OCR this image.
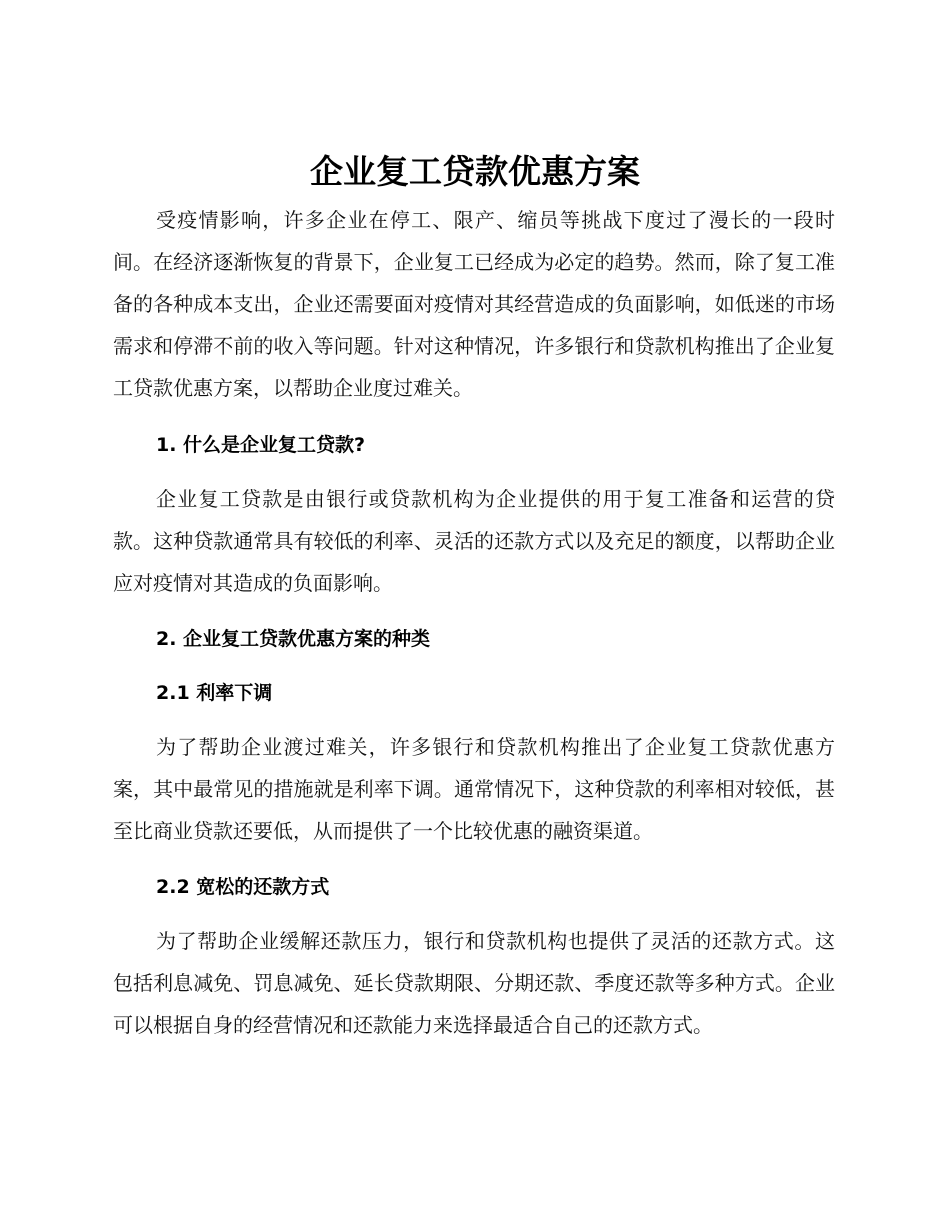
企业复工贷款优惠方案

受疫情影响，许多企业在停工、限产、缩员等挑战下度过了漫长的一段时间。在经济逐渐恢复的背景下，企业复工已经成为必定的趋势。然而，除了复工准备的各种成本支出，企业还需要面对疫情对其经营造成的负面影响，如低迷的市场需求和停滞不前的收入等问题。针对这种情况，许多银行和贷款机构推出了企业复工贷款优惠方案，以帮助企业度过难关。

1. 什么是企业复工贷款?

企业复工贷款是由银行或贷款机构为企业提供的用于复工准备和运营的贷款。这种贷款通常具有较低的利率、灵活的还款方式以及充足的额度，以帮助企业应对疫情对其造成的负面影响。

2. 企业复工贷款优惠方案的种类
2.1 利率下调

为了帮助企业渡过难关，许多银行和贷款机构推出了企业复工贷款优惠方案，其中最常见的措施就是利率下调。通常情况下，这种贷款的利率相对较低，甚至比商业贷款还要低，从而提供了一个比较优惠的融资渠道。

2.2 宽松的还款方式

为了帮助企业缓解还款压力，银行和贷款机构也提供了灵活的还款方式。这包括利息减免、罚息减免、延长贷款期限、分期还款、季度还款等多种方式。企业可以根据自身的经营情况和还款能力来选择最适合自己的还款方式。
